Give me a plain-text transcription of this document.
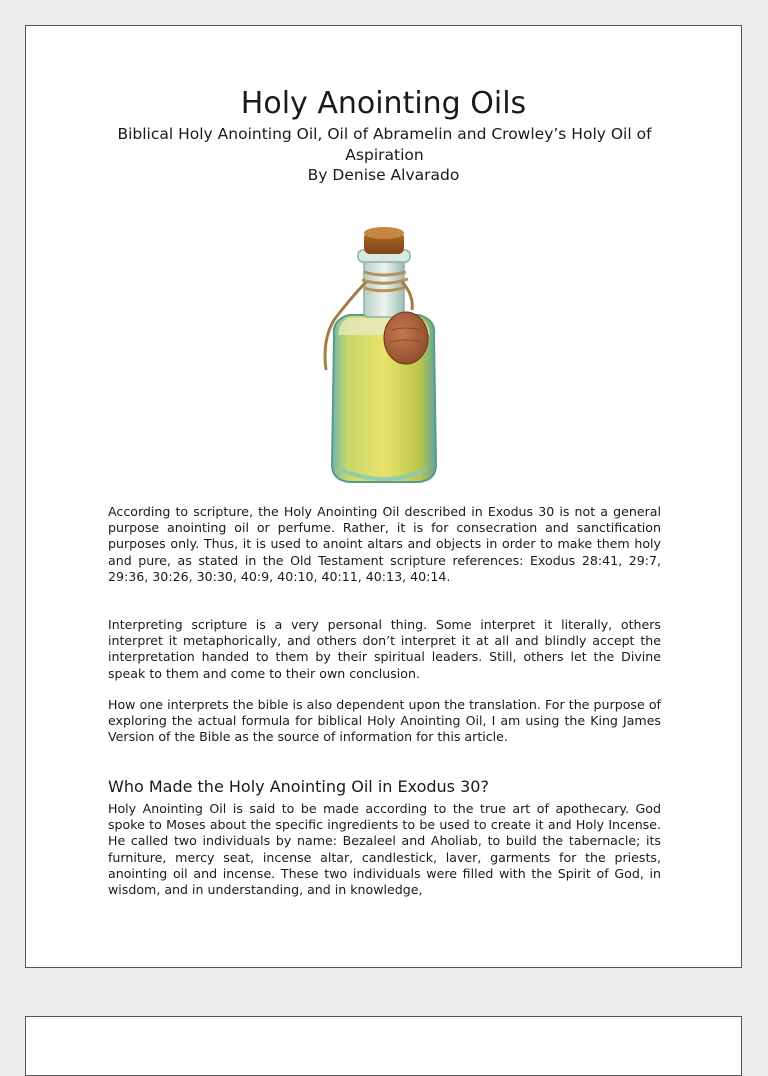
Holy Anointing Oils

Biblical Holy Anointing Oil, Oil of Abramelin and Crowley’s Holy Oil of Aspiration

By Denise Alvarado

According to scripture, the Holy Anointing Oil described in Exodus 30 is not a general purpose anointing oil or perfume. Rather, it is for consecration and sanctification purposes only. Thus, it is used to anoint altars and objects in order to make them holy and pure, as stated in the Old Testament scripture references: Exodus 28:41, 29:7, 29:36, 30:26, 30:30, 40:9, 40:10, 40:11, 40:13, 40:14.

Interpreting scripture is a very personal thing. Some interpret it literally, others interpret it metaphorically, and others don’t interpret it at all and blindly accept the interpretation handed to them by their spiritual leaders. Still, others let the Divine speak to them and come to their own conclusion.

How one interprets the bible is also dependent upon the translation. For the purpose of exploring the actual formula for biblical Holy Anointing Oil, I am using the King James Version of the Bible as the source of information for this article.

Who Made the Holy Anointing Oil in Exodus 30?

Holy Anointing Oil is said to be made according to the true art of apothecary. God spoke to Moses about the specific ingredients to be used to create it and Holy Incense. He called two individuals by name: Bezaleel and Aholiab, to build the tabernacle; its furniture, mercy seat, incense altar, candlestick, laver, garments for the priests, anointing oil and incense. These two individuals were filled with the Spirit of God, in wisdom, and in understanding, and in knowledge,
